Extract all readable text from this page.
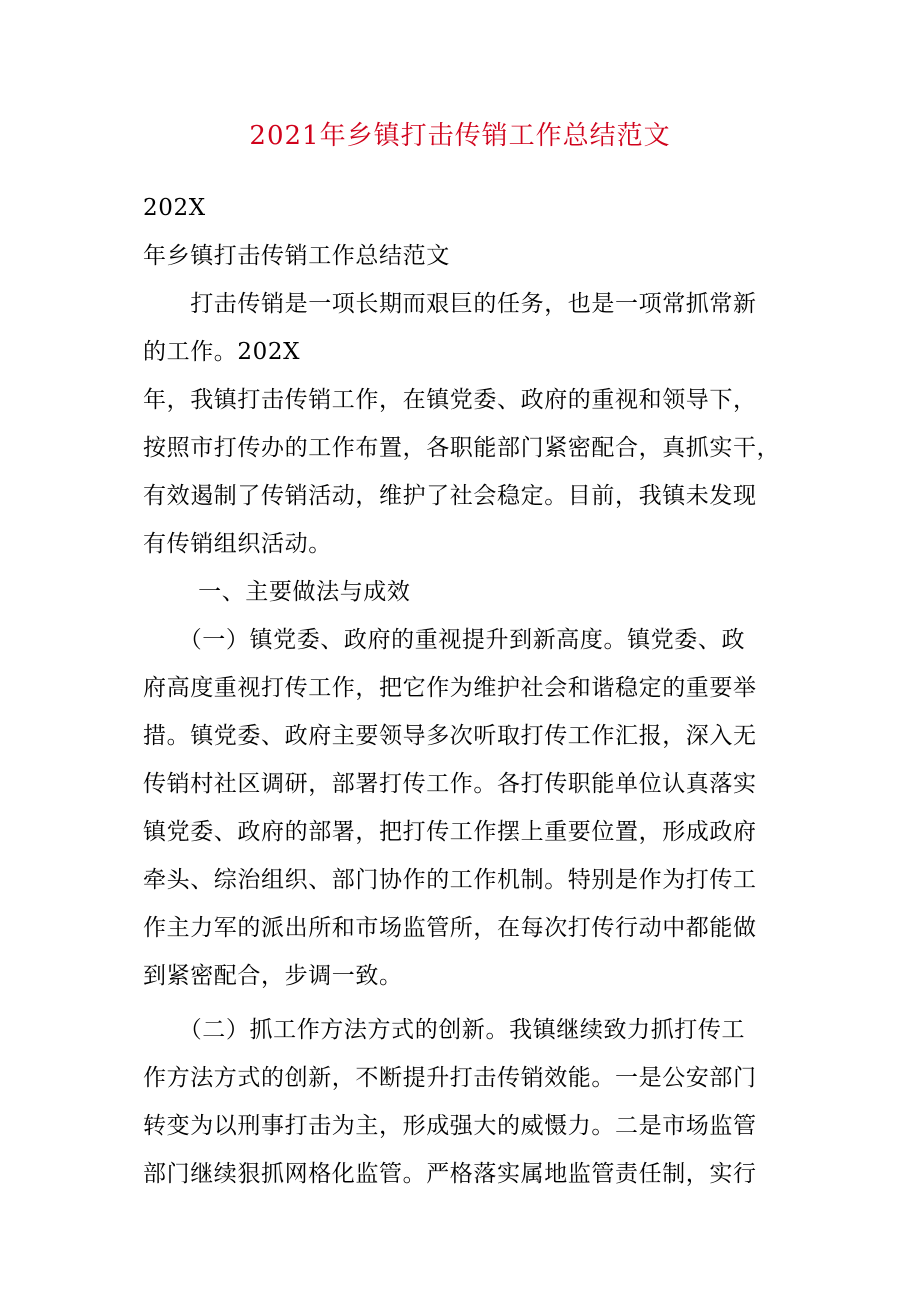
2021年乡镇打击传销工作总结范文
202X
年乡镇打击传销工作总结范文
　　打击传销是一项长期而艰巨的任务，也是一项常抓常新
的工作。202X
年，我镇打击传销工作，在镇党委、政府的重视和领导下，
按照市打传办的工作布置，各职能部门紧密配合，真抓实干，
有效遏制了传销活动，维护了社会稳定。目前，我镇未发现
有传销组织活动。
　　 一、主要做法与成效
　　（一）镇党委、政府的重视提升到新高度。镇党委、政
府高度重视打传工作，把它作为维护社会和谐稳定的重要举
措。镇党委、政府主要领导多次听取打传工作汇报，深入无
传销村社区调研，部署打传工作。各打传职能单位认真落实
镇党委、政府的部署，把打传工作摆上重要位置，形成政府
牵头、综治组织、部门协作的工作机制。特别是作为打传工
作主力军的派出所和市场监管所，在每次打传行动中都能做
到紧密配合，步调一致。
　　（二）抓工作方法方式的创新。我镇继续致力抓打传工
作方法方式的创新，不断提升打击传销效能。一是公安部门
转变为以刑事打击为主，形成强大的威慑力。二是市场监管
部门继续狠抓网格化监管。严格落实属地监管责任制，实行
